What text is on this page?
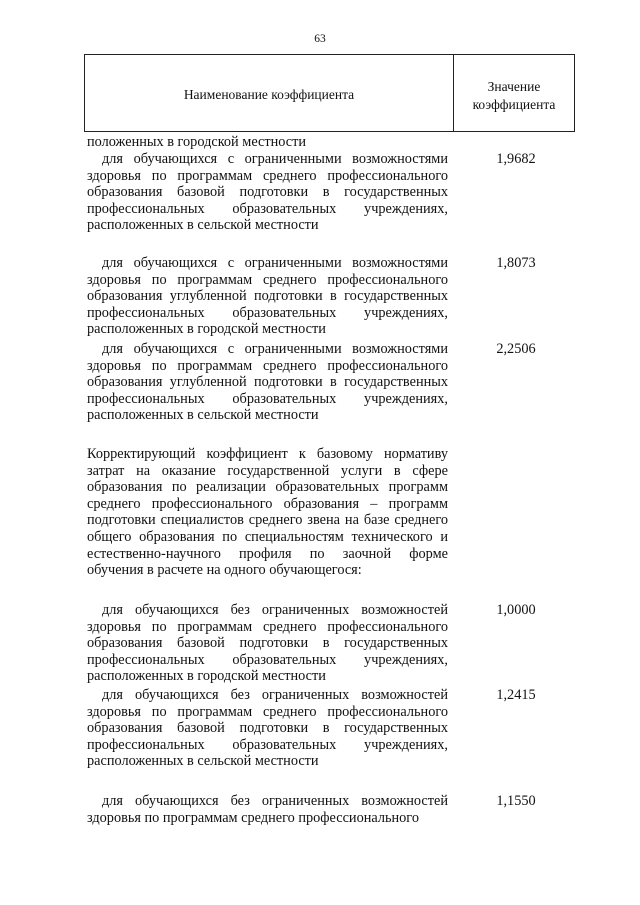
63
Наименование коэффициента
Значение
коэффициента

положенных в городской местности

для обучающихся с ограниченными возможностями здоровья по программам среднего профессионального образования базовой подготовки в государственных профессиональных образовательных учреждениях, расположенных в сельской местности

1,9682

для обучающихся с ограниченными возможностями здоровья по программам среднего профессионального образования углубленной подготовки в государственных профессиональных образовательных учреждениях, расположенных в городской местности

1,8073

для обучающихся с ограниченными возможностями здоровья по программам среднего профессионального образования углубленной подготовки в государственных профессиональных образовательных учреждениях, расположенных в сельской местности

2,2506

Корректирующий коэффициент к базовому нормативу затрат на оказание государственной услуги в сфере образования по реализации образовательных программ среднего профессионального образования – программ подготовки специалистов среднего звена на базе среднего общего образования по специальностям технического и естественно-научного профиля по заочной форме обучения в расчете на одного обучающегося:

для обучающихся без ограниченных возможностей здоровья по программам среднего профессионального образования базовой подготовки в государственных профессиональных образовательных учреждениях, расположенных в городской местности

1,0000

для обучающихся без ограниченных возможностей здоровья по программам среднего профессионального образования базовой подготовки в государственных профессиональных образовательных учреждениях, расположенных в сельской местности

1,2415

для обучающихся без ограниченных возможностей здоровья по программам среднего профессионального

1,1550
